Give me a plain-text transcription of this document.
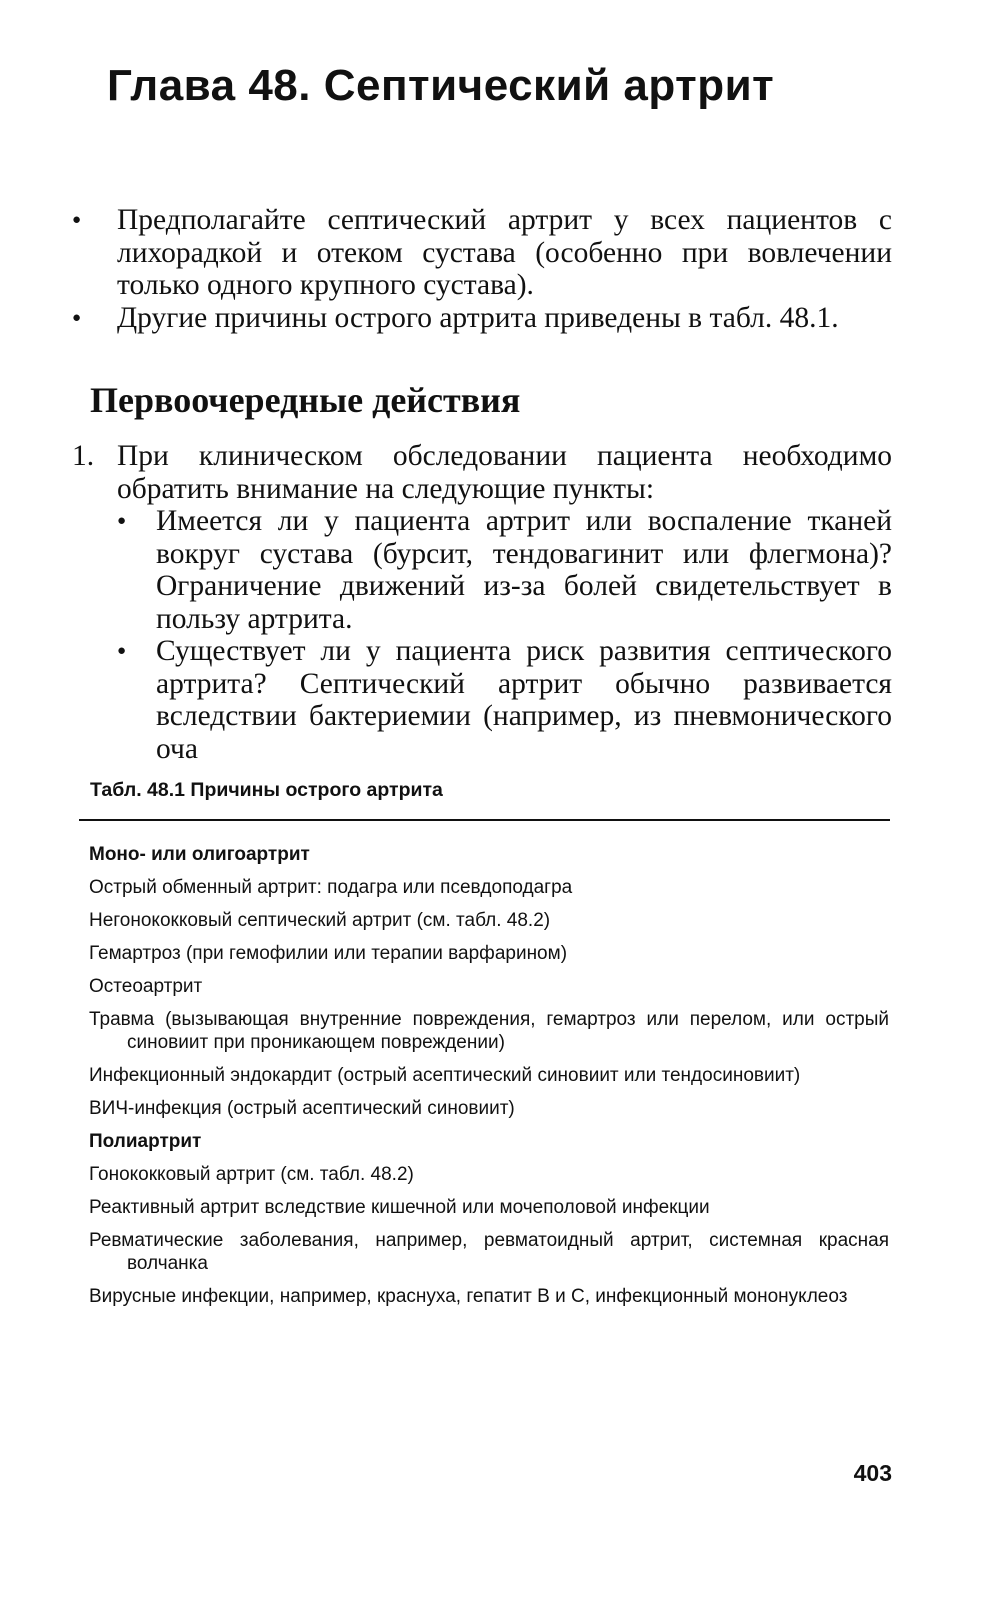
Глава 48. Септический артрит
● Предполагайте септический артрит у всех пациентов с лихорадкой и отеком сустава (особенно при вовлечении только одного крупного сустава).
● Другие причины острого артрита приведены в табл. 48.1.
Первоочередные действия
1. При клиническом обследовании пациента необходимо обратить внимание на следующие пункты:
● Имеется ли у пациента артрит или воспаление тканей вокруг сустава (бурсит, тендовагинит или флегмона)? Ограничение движений из-за болей свидетельствует в пользу артрита.
● Существует ли у пациента риск развития септического артрита? Септический артрит обычно развивается вследствии бактериемии (например, из пневмонического оча
Табл. 48.1 Причины острого артрита
Моно- или олигоартрит
Острый обменный артрит: подагра или псевдоподагра
Негонококковый септический артрит (см. табл. 48.2)
Гемартроз (при гемофилии или терапии варфарином)
Остеоартрит
Травма (вызывающая внутренние повреждения, гемартроз или перелом, или острый синовиит при проникающем повреждении)
Инфекционный эндокардит (острый асептический синовиит или тендосиновиит)
ВИЧ-инфекция (острый асептический синовиит)
Полиартрит
Гонококковый артрит (см. табл. 48.2)
Реактивный артрит вследствие кишечной или мочеполовой инфекции
Ревматические заболевания, например, ревматоидный артрит, системная красная волчанка
Вирусные инфекции, например, краснуха, гепатит B и C, инфекционный мононуклеоз
403
